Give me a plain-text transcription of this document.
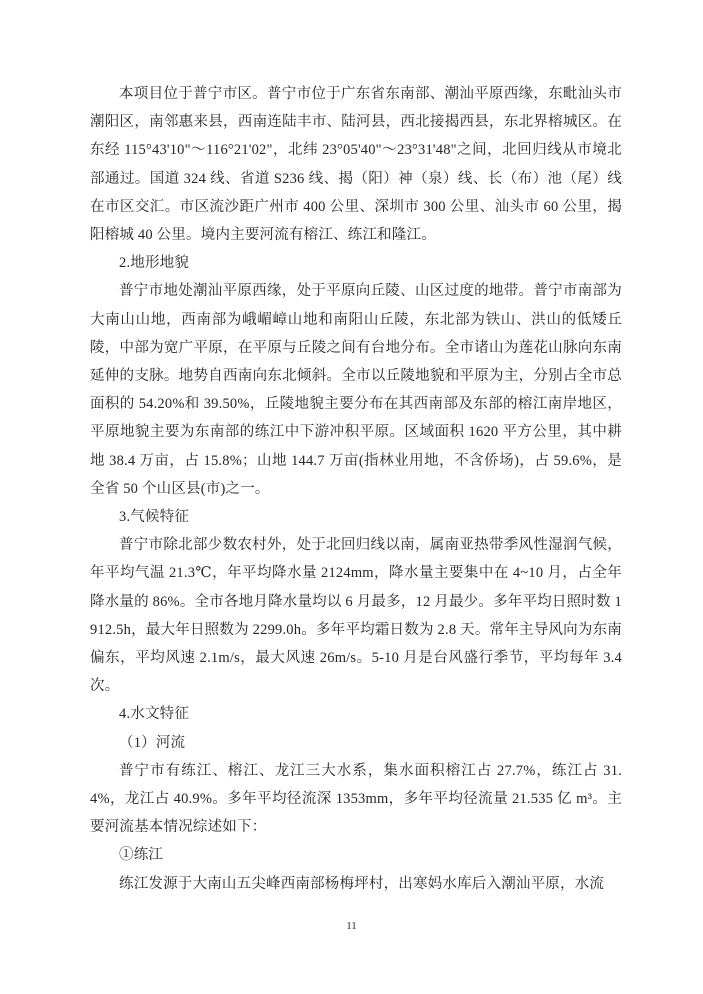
本项目位于普宁市区。普宁市位于广东省东南部、潮汕平原西缘，东毗汕头市潮阳区，南邻惠来县，西南连陆丰市、陆河县，西北接揭西县，东北界榕城区。在东经 115°43'10"～116°21'02"，北纬 23°05'40"～23°31'48"之间，北回归线从市境北部通过。国道 324 线、省道 S236 线、揭（阳）神（泉）线、长（布）池（尾）线在市区交汇。市区流沙距广州市 400 公里、深圳市 300 公里、汕头市 60 公里，揭阳榕城 40 公里。境内主要河流有榕江、练江和隆江。

2.地形地貌

普宁市地处潮汕平原西缘，处于平原向丘陵、山区过度的地带。普宁市南部为大南山山地，西南部为峨嵋嶂山地和南阳山丘陵，东北部为铁山、洪山的低矮丘陵，中部为宽广平原，在平原与丘陵之间有台地分布。全市诸山为莲花山脉向东南延伸的支脉。地势自西南向东北倾斜。全市以丘陵地貌和平原为主，分别占全市总面积的 54.20%和 39.50%，丘陵地貌主要分布在其西南部及东部的榕江南岸地区，平原地貌主要为东南部的练江中下游冲积平原。区域面积 1620 平方公里，其中耕地 38.4 万亩，占 15.8%；山地 144.7 万亩(指林业用地，不含侨场)，占 59.6%，是全省 50 个山区县(市)之一。

3.气候特征

普宁市除北部少数农村外，处于北回归线以南，属南亚热带季风性湿润气候，年平均气温 21.3℃，年平均降水量 2124mm，降水量主要集中在 4~10 月，占全年降水量的 86%。全市各地月降水量均以 6 月最多，12 月最少。多年平均日照时数 1912.5h，最大年日照数为 2299.0h。多年平均霜日数为 2.8 天。常年主导风向为东南偏东，平均风速 2.1m/s，最大风速 26m/s。5-10 月是台风盛行季节，平均每年 3.4 次。

4.水文特征

（1）河流

普宁市有练江、榕江、龙江三大水系，集水面积榕江占 27.7%，练江占 31.4%，龙江占 40.9%。多年平均径流深 1353mm，多年平均径流量 21.535 亿 m³。主要河流基本情况综述如下：

①练江

练江发源于大南山五尖峰西南部杨梅坪村，出寒妈水库后入潮汕平原，水流

11
